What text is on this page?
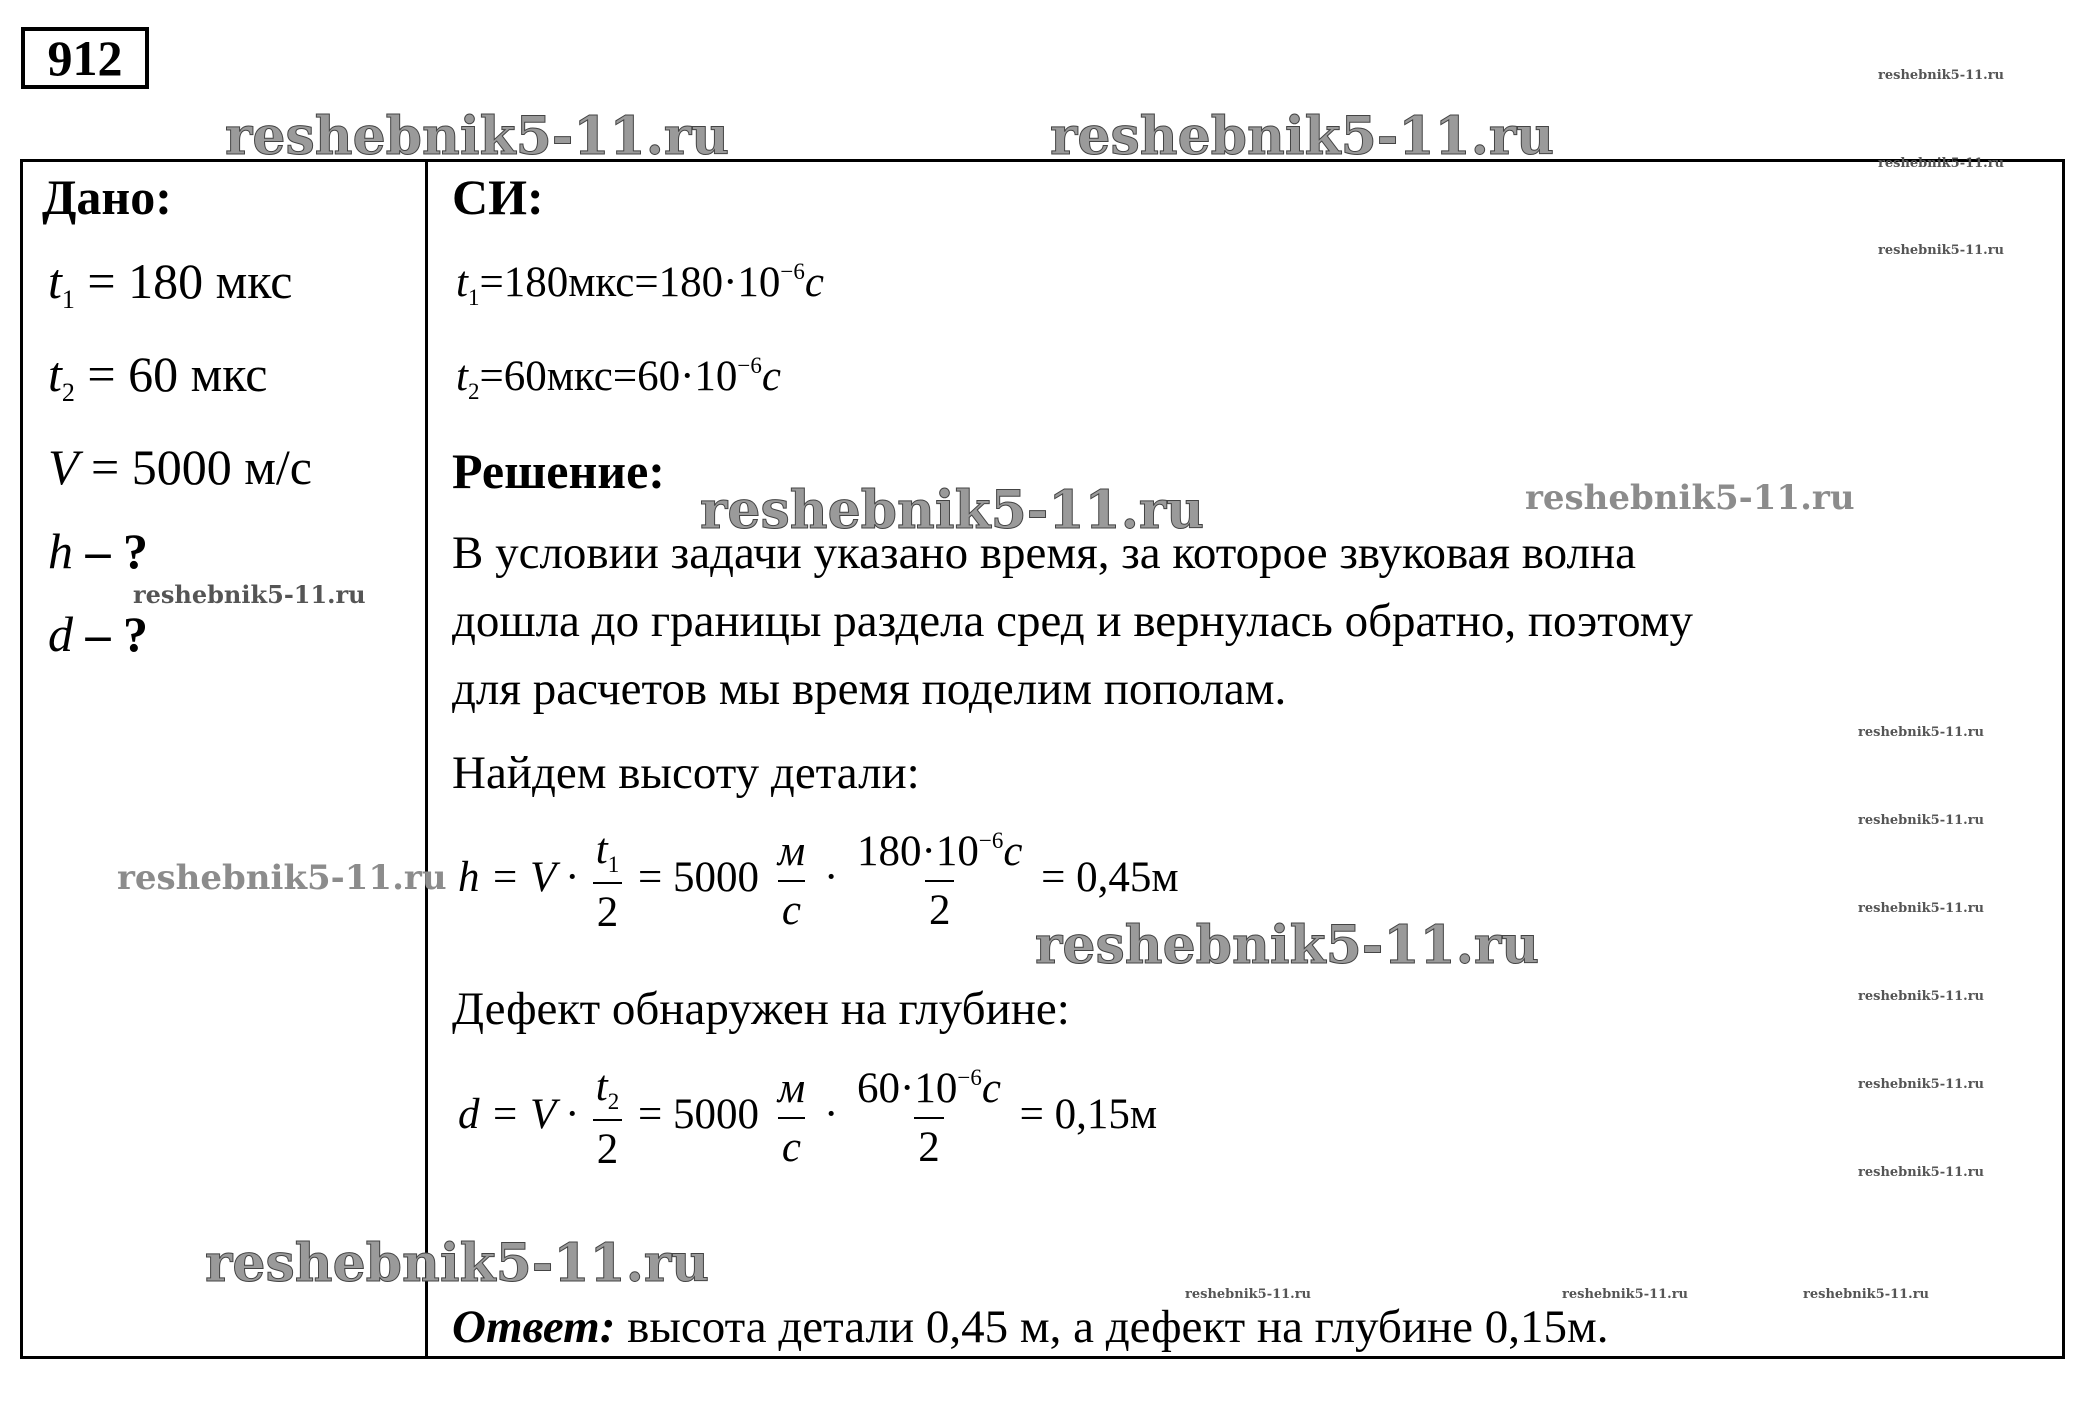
912
Дано:
$t_1 = 180$ мкс
$t_2 = 60$ мкс
V = 5000 м/с
h – ?
d – ?
СИ:
$t_1=180мкс=180\cdot 10^{-6}с$
$t_2=60мкс=60\cdot 10^{-6}с$
Решение:
В условии задачи указано время, за которое звуковая волна
дошла до границы раздела сред и вернулась обратно, поэтому
для расчетов мы время поделим пополам.
Найдем высоту детали:
$h = V \cdot \frac{t_1}{2} = 5000 \frac{м}{с} \cdot \frac{180\cdot 10^{-6}с}{2} = 0,45м$
Дефект обнаружен на глубине:
$d = V \cdot \frac{t_2}{2} = 5000 \frac{м}{с} \cdot \frac{60\cdot 10^{-6}с}{2} = 0,15м$
Ответ: высота детали 0,45 м, а дефект на глубине 0,15м.
reshebnik5-11.ru	reshebnik5-11.ru
reshebnik5-11.ru	reshebnik5-11.ru
reshebnik5-11.ru
reshebnik5-11.ru
reshebnik5-11.ru
reshebnik5-11.ru
reshebnik5-11.ru
reshebnik5-11.ru
reshebnik5-11.ru
reshebnik5-11.ru
reshebnik5-11.ru
reshebnik5-11.ru
reshebnik5-11.ru
reshebnik5-11.ru
reshebnik5-11.ru
reshebnik5-11.ru	reshebnik5-11.ru	reshebnik5-11.ru
